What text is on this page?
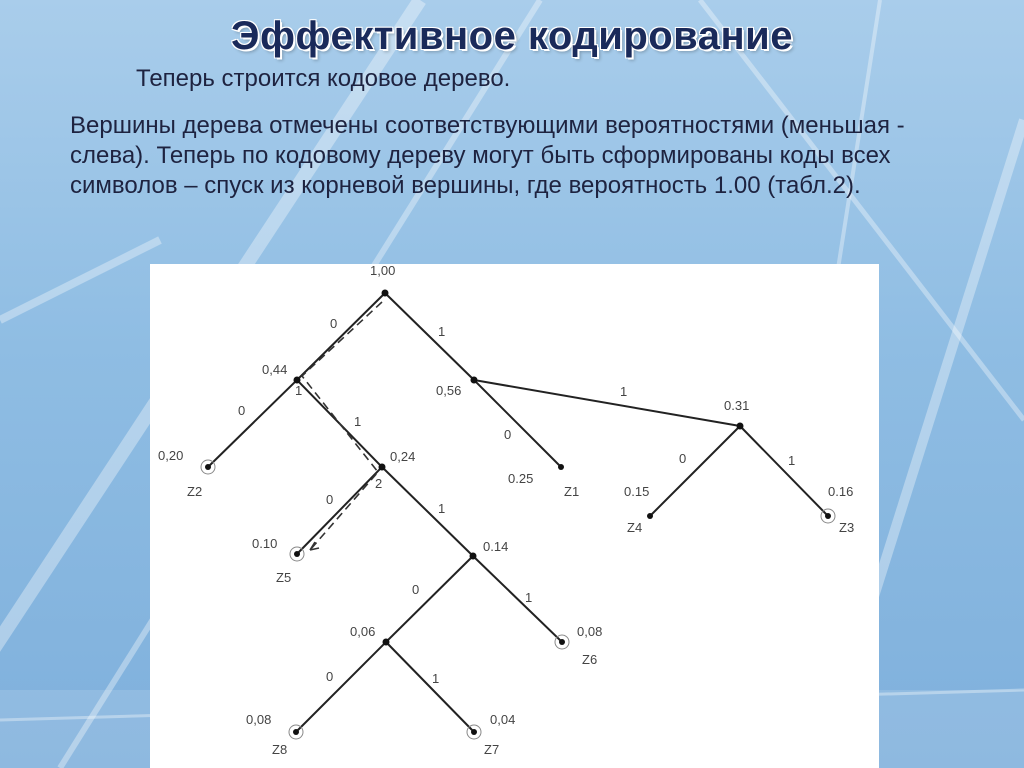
Эффективное кодирование
Теперь строится кодовое дерево.
Вершины дерева отмечены соответствующими вероятностями (меньшая - слева). Теперь по кодовому дереву могут быть сформированы коды всех символов – спуск из корневой вершины, где вероятность 1.00 (табл.2).
1,00
0,44
0,56
0.31
0,24
0.14
0,06
0,20
0.25
0.15	0.16
0.10
0,08
0,08	0,04
Z2	Z1
Z4	Z3
Z5
Z6
Z8	Z7
0
1
0
1
0
1
0	1
0
1
0
1
0	1
1
2
